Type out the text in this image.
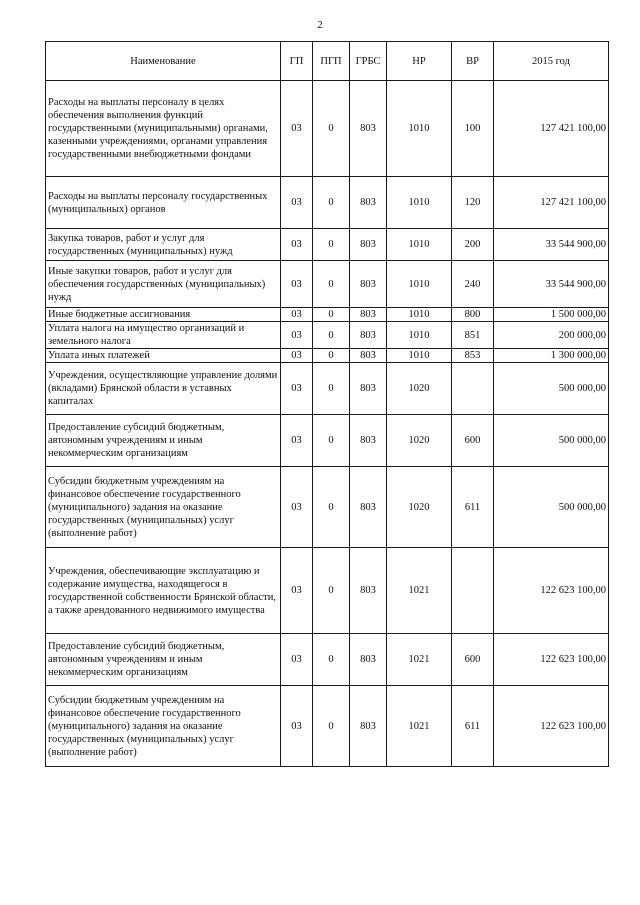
2
Наименование	ГП	ПГП	ГРБС	НР	ВР	2015 год
Расходы на выплаты персоналу в целях обеспечения выполнения функций государственными (муниципальными) органами, казенными учреждениями, органами управления государственными внебюджетными фондами	03	0	803	1010	100	127 421 100,00
Расходы на выплаты персоналу государственных (муниципальных) органов	03	0	803	1010	120	127 421 100,00
Закупка товаров, работ и услуг для государственных (муниципальных) нужд	03	0	803	1010	200	33 544 900,00
Иные закупки товаров, работ и услуг для обеспечения государственных (муниципальных) нужд	03	0	803	1010	240	33 544 900,00
Иные бюджетные ассигнования	03	0	803	1010	800	1 500 000,00
Уплата налога на имущество организаций и земельного налога	03	0	803	1010	851	200 000,00
Уплата иных платежей	03	0	803	1010	853	1 300 000,00
Учреждения, осуществляющие управление долями (вкладами) Брянской области в уставных капиталах	03	0	803	1020		500 000,00
Предоставление субсидий бюджетным, автономным учреждениям и иным некоммерческим организациям	03	0	803	1020	600	500 000,00
Субсидии бюджетным учреждениям на финансовое обеспечение государственного (муниципального) задания на оказание государственных (муниципальных) услуг (выполнение работ)	03	0	803	1020	611	500 000,00
Учреждения, обеспечивающие эксплуатацию и содержание имущества, находящегося в государственной собственности Брянской области, а также арендованного недвижимого имущества	03	0	803	1021		122 623 100,00
Предоставление субсидий бюджетным, автономным учреждениям и иным некоммерческим организациям	03	0	803	1021	600	122 623 100,00
Субсидии бюджетным учреждениям на финансовое обеспечение государственного (муниципального) задания на оказание государственных (муниципальных) услуг (выполнение работ)	03	0	803	1021	611	122 623 100,00
